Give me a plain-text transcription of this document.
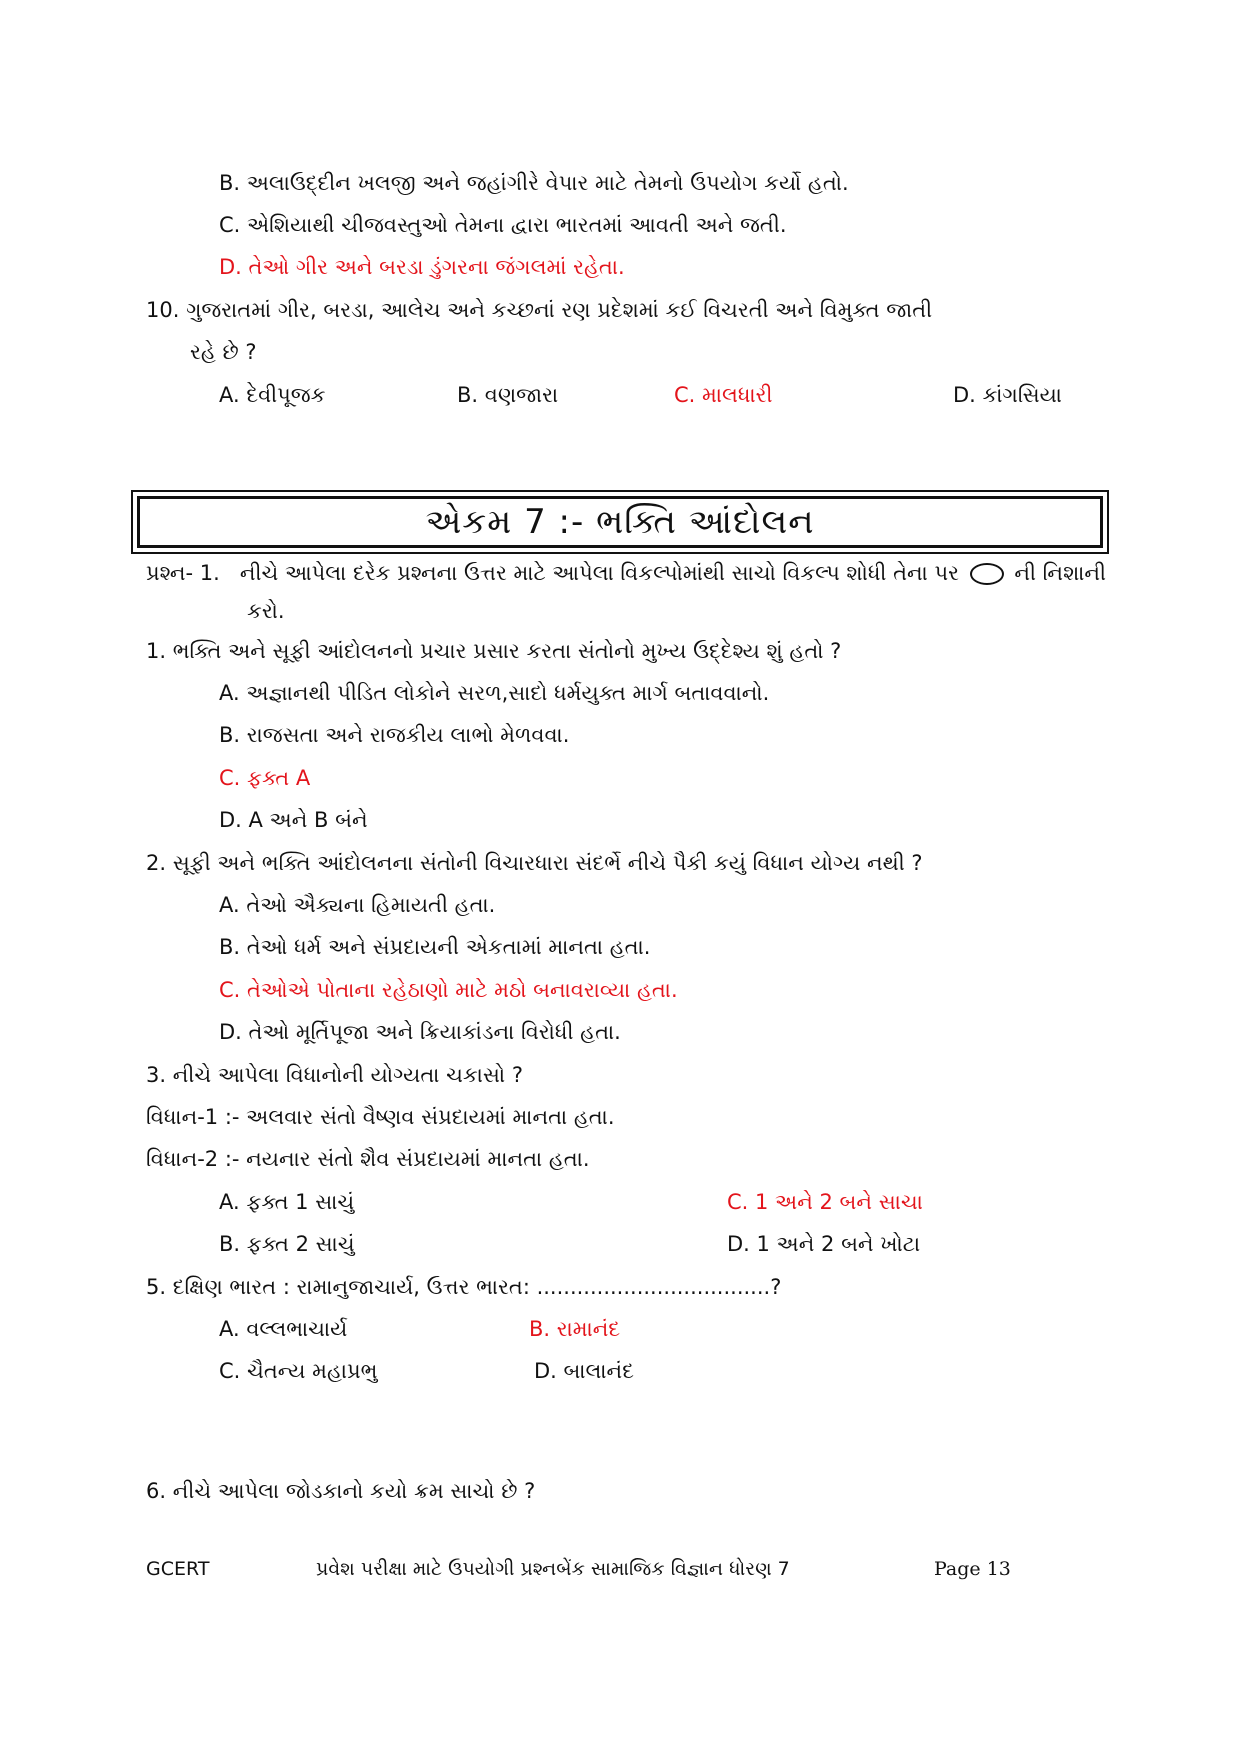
B. અલાઉદ્દીન ખલજી અને જહાંગીરે વેપાર માટે તેમનો ઉપયોગ કર્યો હતો.
C. એશિયાથી ચીજવસ્તુઓ તેમના દ્વારા ભારતમાં આવતી અને જતી.
D. તેઓ ગીર અને બરડા ડુંગરના જંગલમાં રહેતા.
10. ગુજરાતમાં ગીર, બરડા, આલેચ અને કચ્છનાં રણ પ્રદેશમાં કઈ વિચરતી અને વિમુક્ત જાતી
રહે છે ?
A. દેવીપૂજક	B. વણજારા	C. માલધારી	D. કાંગસિયા
એકમ 7 :- ભક્તિ આંદોલન
પ્રશ્ન- 1. નીચે આપેલા દરેક પ્રશ્નના ઉત્તર માટે આપેલા વિકલ્પોમાંથી સાચો વિકલ્પ શોધી તેના પર ○ ની નિશાની
કરો.
1. ભક્તિ અને સૂફી આંદોલનનો પ્રચાર પ્રસાર કરતા સંતોનો મુખ્ય ઉદ્દેશ્ય શું હતો ?
A. અજ્ઞાનથી પીડિત લોકોને સરળ,સાદો ધર્મયુક્ત માર્ગ બતાવવાનો.
B. રાજસતા અને રાજકીય લાભો મેળવવા.
C. ફક્ત A
D. A અને B બંને
2. સૂફી અને ભક્તિ આંદોલનના સંતોની વિચારધારા સંદર્ભે નીચે પૈકી કયું વિધાન યોગ્ય નથી ?
A. તેઓ ઐક્યના હિમાયતી હતા.
B. તેઓ ધર્મ અને સંપ્રદાયની એકતામાં માનતા હતા.
C. તેઓએ પોતાના રહેઠાણો માટે મઠો બનાવરાવ્યા હતા.
D. તેઓ મૂર્તિપૂજા અને ક્રિયાકાંડના વિરોધી હતા.
3. નીચે આપેલા વિધાનોની યોગ્યતા ચકાસો ?
વિધાન-1 :- અલવાર સંતો વૈષ્ણવ સંપ્રદાયમાં માનતા હતા.
વિધાન-2 :- નયનાર સંતો શૈવ સંપ્રદાયમાં માનતા હતા.
A. ફક્ત 1 સાચું	C. 1 અને 2 બને સાચા
B. ફક્ત 2 સાચું	D. 1 અને 2 બને ખોટા
5. દક્ષિણ ભારત : રામાનુજાચાર્ય, ઉત્તર ભારત: ...................................?
A. વલ્લભાચાર્ય	B. રામાનંદ
C. ચૈતન્ય મહાપ્રભુ	D. બાલાનંદ
6. નીચે આપેલા જોડકાનો કયો ક્રમ સાચો છે ?
GCERT	પ્રવેશ પરીક્ષા માટે ઉપયોગી પ્રશ્નબેંક સામાજિક વિજ્ઞાન ધોરણ 7	Page 13
